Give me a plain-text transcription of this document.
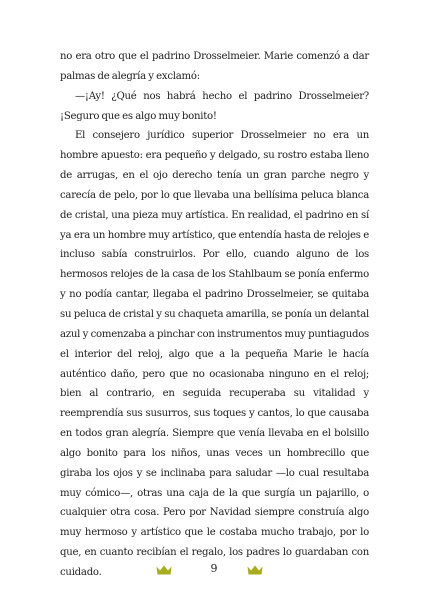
no era otro que el padrino Drosselmeier. Marie comenzó a dar palmas de alegría y exclamó:

—¡Ay! ¿Qué nos habrá hecho el padrino Drosselmeier? ¡Seguro que es algo muy bonito!

El consejero jurídico superior Drosselmeier no era un hombre apuesto: era pequeño y delgado, su rostro estaba lleno de arrugas, en el ojo derecho tenía un gran parche negro y carecía de pelo, por lo que llevaba una bellísima peluca blanca de cristal, una pieza muy artística. En realidad, el padrino en sí ya era un hombre muy artístico, que entendía hasta de relojes e incluso sabía construirlos. Por ello, cuando alguno de los hermosos relojes de la casa de los Stahlbaum se ponía enfermo y no podía cantar, llegaba el padrino Drosselmeier, se quitaba su peluca de cristal y su chaqueta amarilla, se ponía un delantal azul y comenzaba a pinchar con instrumentos muy puntiagudos el interior del reloj, algo que a la pequeña Marie le hacía auténtico daño, pero que no ocasionaba ninguno en el reloj; bien al contrario, en seguida recuperaba su vitalidad y reemprendía sus susurros, sus toques y cantos, lo que causaba en todos gran alegría. Siempre que venía llevaba en el bolsillo algo bonito para los niños, unas veces un hombrecillo que giraba los ojos y se inclinaba para saludar —lo cual resultaba muy cómico—, otras una caja de la que surgía un pajarillo, o cualquier otra cosa. Pero por Navidad siempre construía algo muy hermoso y artístico que le costaba mucho trabajo, por lo que, en cuanto recibían el regalo, los padres lo guardaban con cuidado.	9
